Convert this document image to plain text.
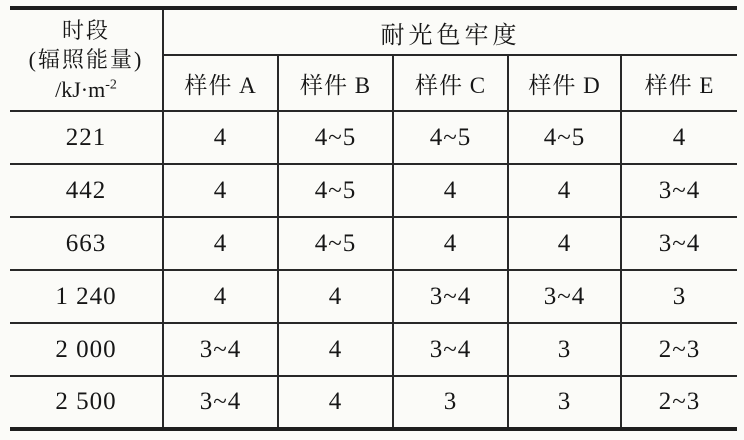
时段
(辐照能量)
$/kJ\cdot m^{-2}$	耐光色牢度				
	样件 A	样件 B	样件 C	样件 D	样件 E
221	4	4~5	4~5	4~5	4
442	4	4~5	4	4	3~4
663	4	4~5	4	4	3~4
1 240	4	4	3~4	3~4	3
2 000	3~4	4	3~4	3	2~3
2 500	3~4	4	3	3	2~3
